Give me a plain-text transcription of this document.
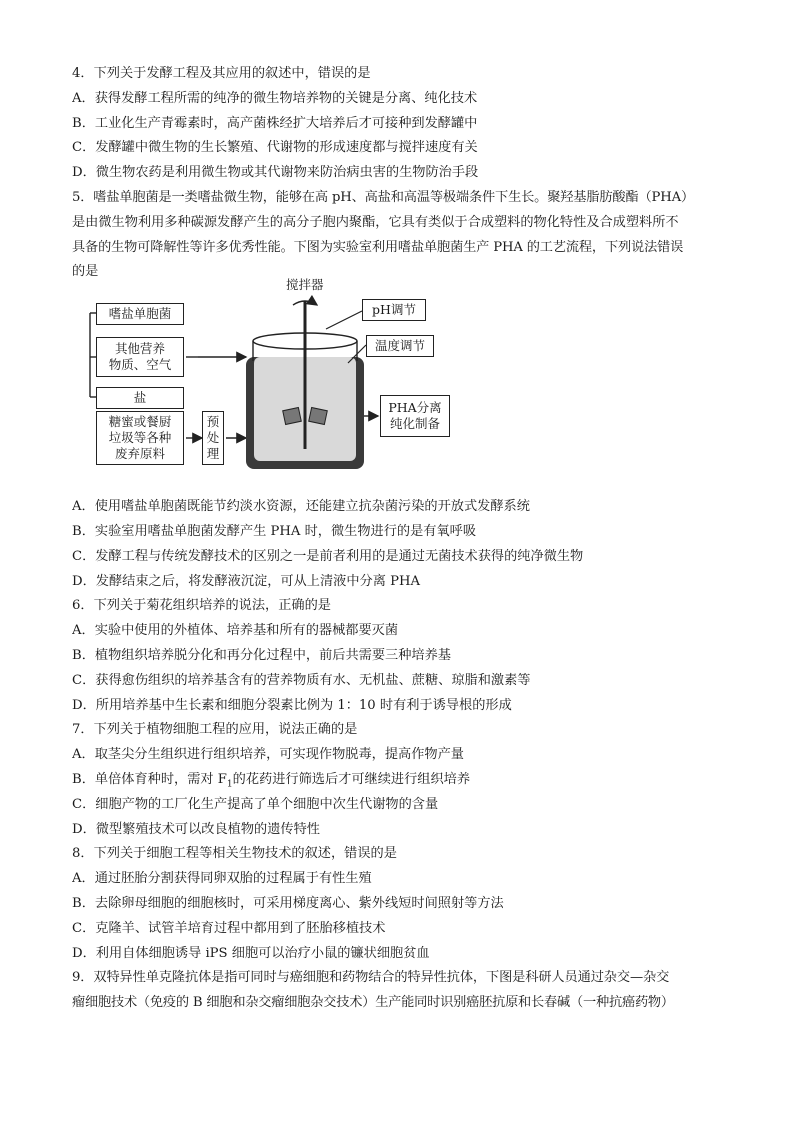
4．下列关于发酵工程及其应用的叙述中，错误的是
A．获得发酵工程所需的纯净的微生物培养物的关键是分离、纯化技术
B．工业化生产青霉素时，高产菌株经扩大培养后才可接种到发酵罐中
C．发酵罐中微生物的生长繁殖、代谢物的形成速度都与搅拌速度有关
D．微生物农药是利用微生物或其代谢物来防治病虫害的生物防治手段
5．嗜盐单胞菌是一类嗜盐微生物，能够在高 pH、高盐和高温等极端条件下生长。聚羟基脂肪酸酯（PHA）
是由微生物利用多种碳源发酵产生的高分子胞内聚酯，它具有类似于合成塑料的物化特性及合成塑料所不
具备的生物可降解性等许多优秀性能。下图为实验室利用嗜盐单胞菌生产 PHA 的工艺流程，下列说法错误
的是
搅拌器
嗜盐单胞菌
其他营养
物质、空气
盐
糖蜜或餐厨
垃圾等各种
废弃原料
预
处
理
pH调节
温度调节
PHA分离
纯化制备
A．使用嗜盐单胞菌既能节约淡水资源，还能建立抗杂菌污染的开放式发酵系统
B．实验室用嗜盐单胞菌发酵产生 PHA 时，微生物进行的是有氧呼吸
C．发酵工程与传统发酵技术的区别之一是前者利用的是通过无菌技术获得的纯净微生物
D．发酵结束之后，将发酵液沉淀，可从上清液中分离 PHA
6．下列关于菊花组织培养的说法，正确的是
A．实验中使用的外植体、培养基和所有的器械都要灭菌
B．植物组织培养脱分化和再分化过程中，前后共需要三种培养基
C．获得愈伤组织的培养基含有的营养物质有水、无机盐、蔗糖、琼脂和激素等
D．所用培养基中生长素和细胞分裂素比例为 1：10 时有利于诱导根的形成
7．下列关于植物细胞工程的应用，说法正确的是
A．取茎尖分生组织进行组织培养，可实现作物脱毒，提高作物产量
B．单倍体育种时，需对 $F_1$的花药进行筛选后才可继续进行组织培养
C．细胞产物的工厂化生产提高了单个细胞中次生代谢物的含量
D．微型繁殖技术可以改良植物的遗传特性
8．下列关于细胞工程等相关生物技术的叙述，错误的是
A．通过胚胎分割获得同卵双胎的过程属于有性生殖
B．去除卵母细胞的细胞核时，可采用梯度离心、紫外线短时间照射等方法
C．克隆羊、试管羊培育过程中都用到了胚胎移植技术
D．利用自体细胞诱导 iPS 细胞可以治疗小鼠的镰状细胞贫血
9．双特异性单克隆抗体是指可同时与癌细胞和药物结合的特异性抗体，下图是科研人员通过杂交—杂交
瘤细胞技术（免疫的 B 细胞和杂交瘤细胞杂交技术）生产能同时识别癌胚抗原和长春碱（一种抗癌药物）
